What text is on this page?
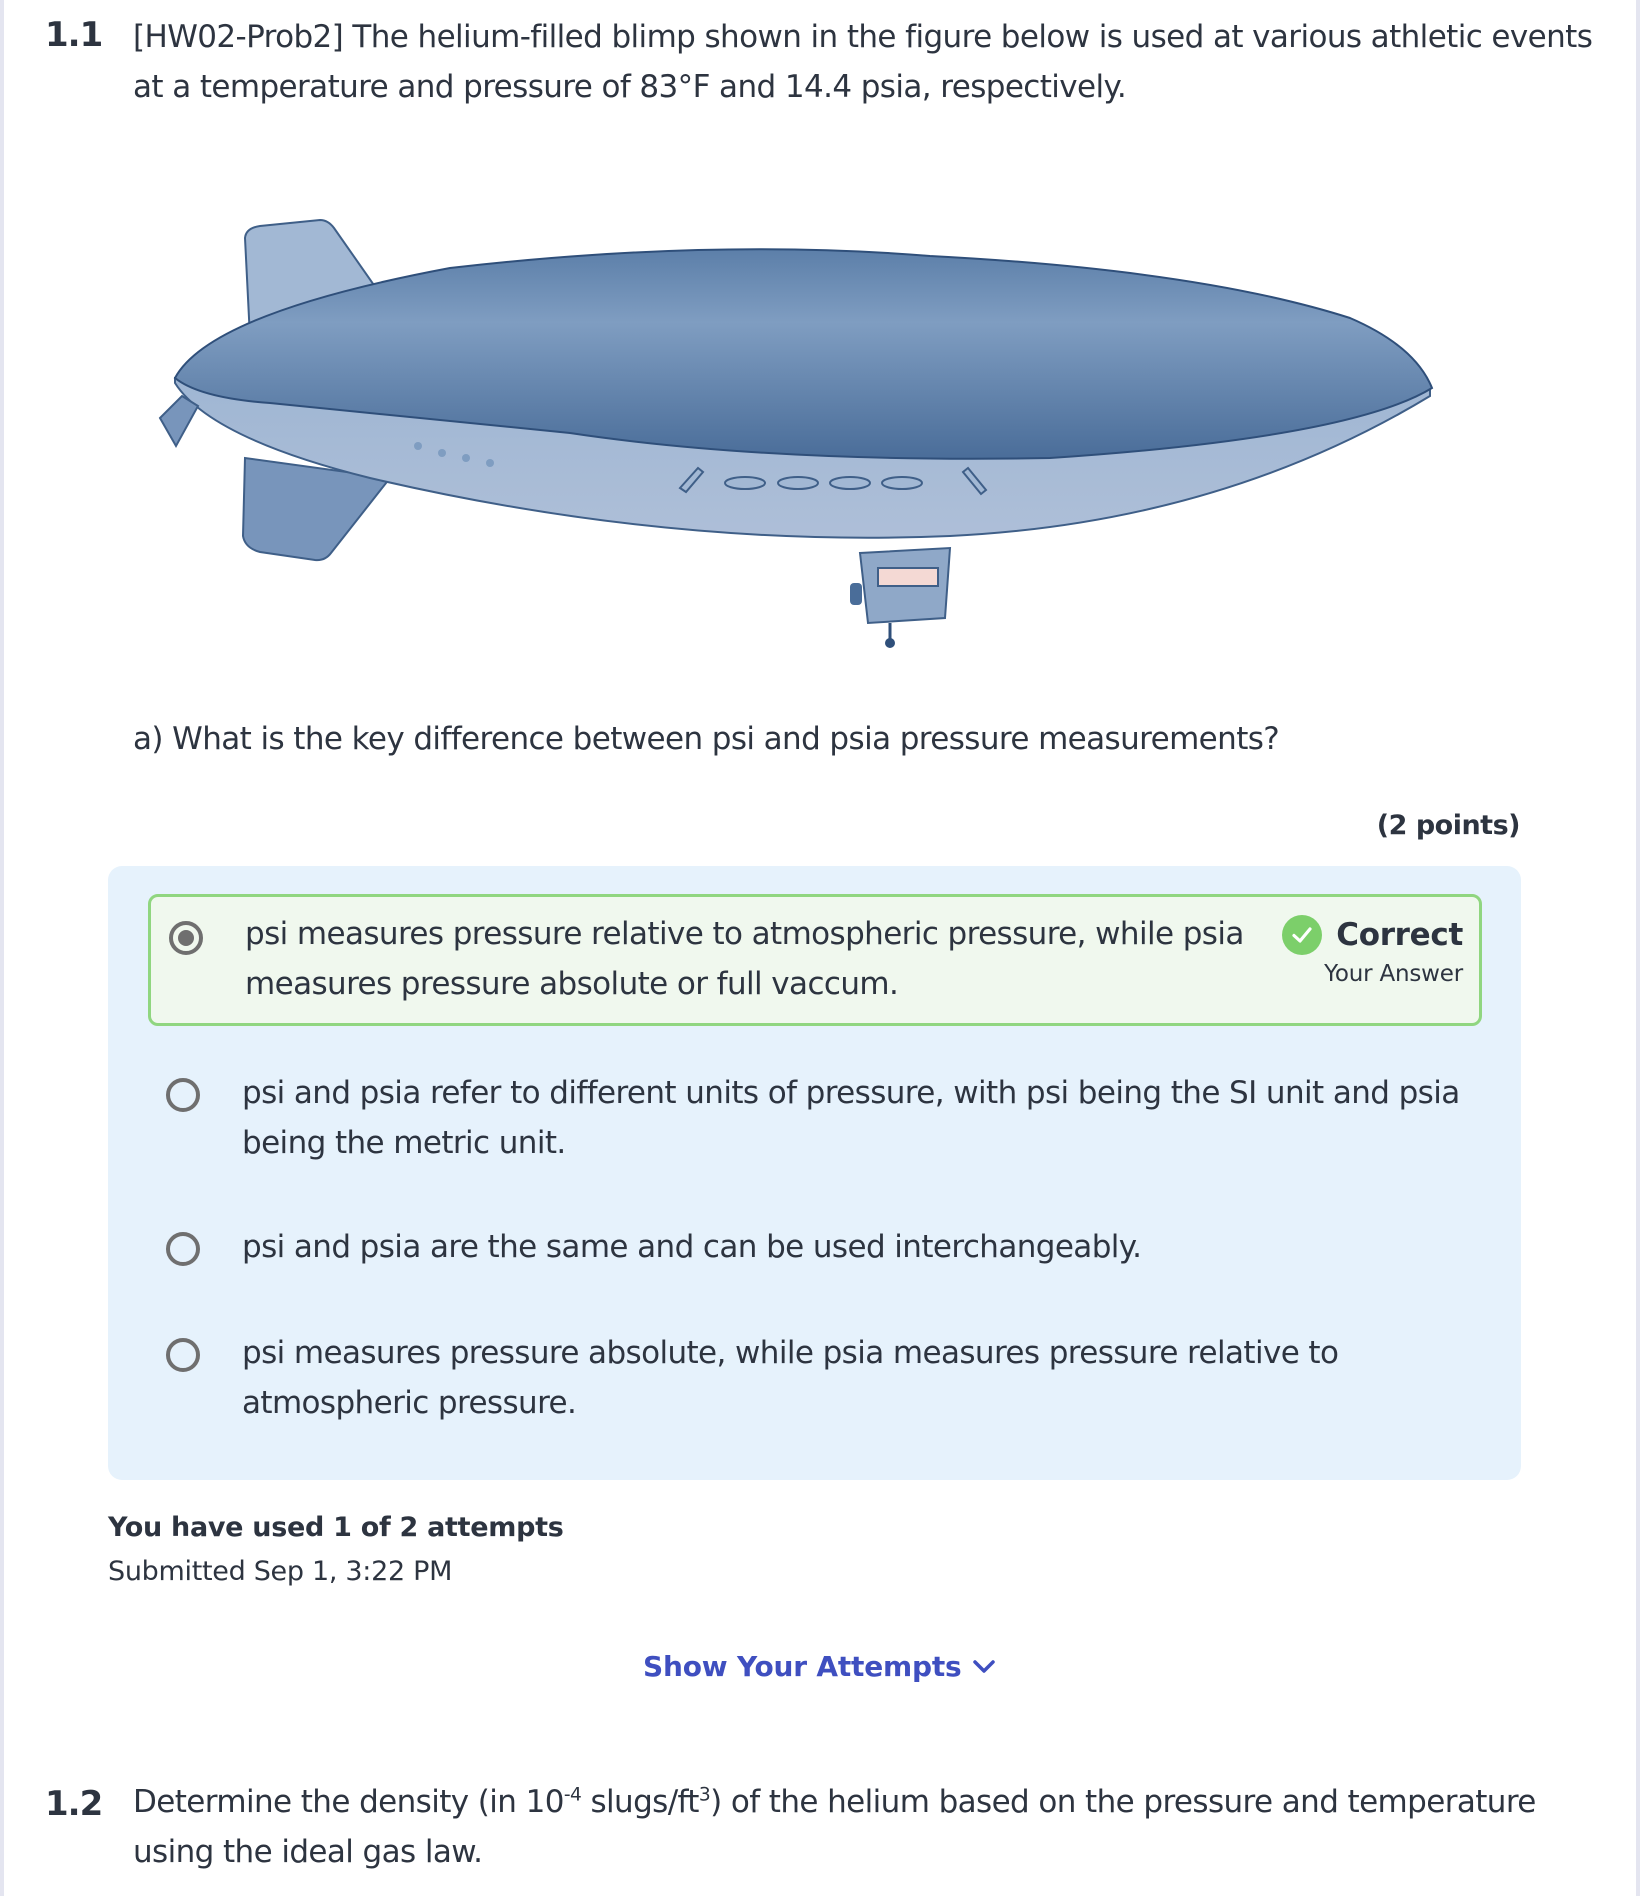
1.1 [HW02-Prob2] The helium-filled blimp shown in the figure below is used at various athletic events
at a temperature and pressure of 83°F and 14.4 psia, respectively.
a) What is the key difference between psi and psia pressure measurements?
(2 points)
psi measures pressure relative to atmospheric pressure, while psia
measures pressure absolute or full vaccum.
Correct
Your Answer
psi and psia refer to different units of pressure, with psi being the SI unit and psia
being the metric unit.
psi and psia are the same and can be used interchangeably.
psi measures pressure absolute, while psia measures pressure relative to
atmospheric pressure.
You have used 1 of 2 attempts
Submitted Sep 1, 3:22 PM
Show Your Attempts
1.2 Determine the density (in $10^{-4}$ slugs/$ft^3$) of the helium based on the pressure and temperature
using the ideal gas law.
